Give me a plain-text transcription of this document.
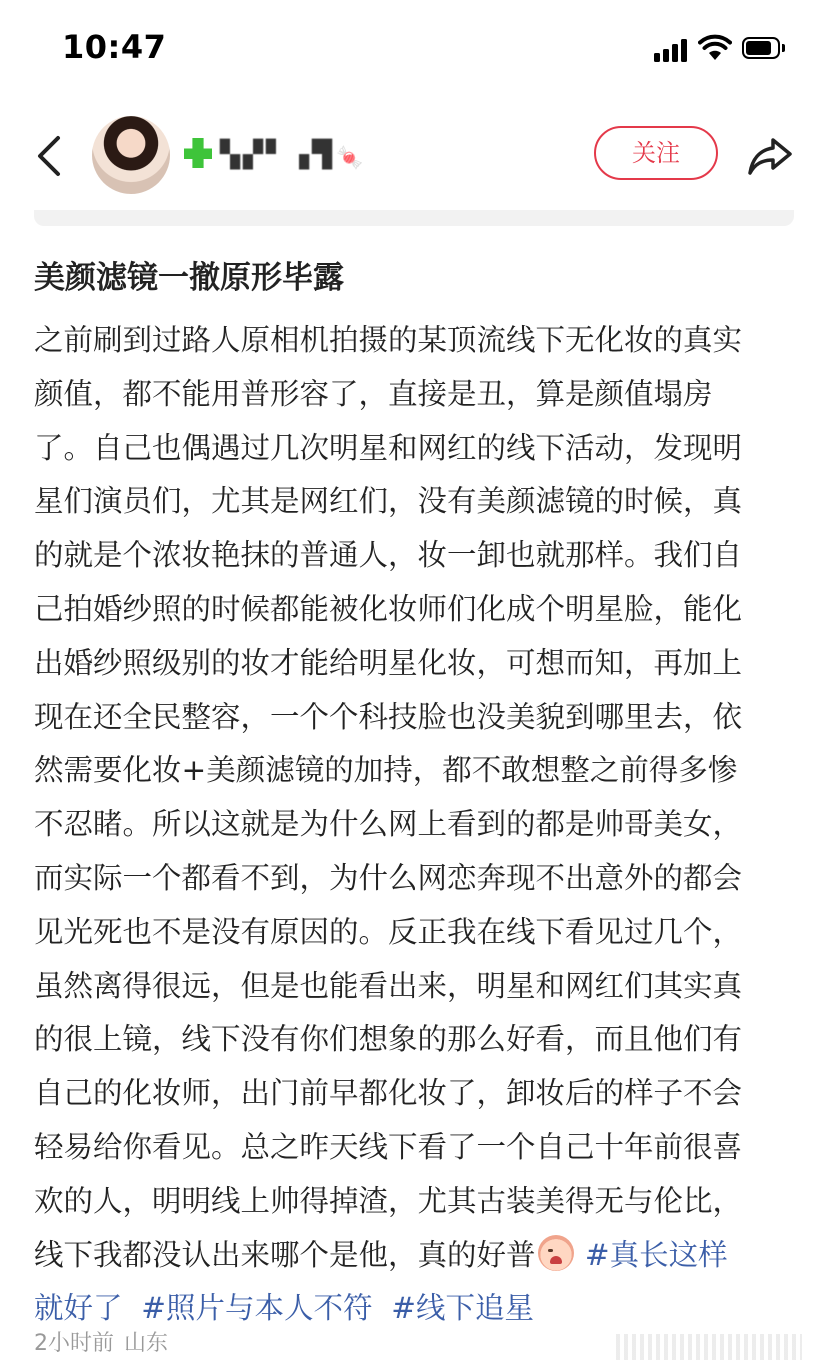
10:47
▚▞▘▗▜ 🍬	关注
美颜滤镜一撤原形毕露
之前刷到过路人原相机拍摄的某顶流线下无化妆的真实
颜值，都不能用普形容了，直接是丑，算是颜值塌房
了。自己也偶遇过几次明星和网红的线下活动，发现明
星们演员们，尤其是网红们，没有美颜滤镜的时候，真
的就是个浓妆艳抹的普通人，妆一卸也就那样。我们自
己拍婚纱照的时候都能被化妆师们化成个明星脸，能化
出婚纱照级别的妆才能给明星化妆，可想而知，再加上
现在还全民整容，一个个科技脸也没美貌到哪里去，依
然需要化妆+美颜滤镜的加持，都不敢想整之前得多惨
不忍睹。所以这就是为什么网上看到的都是帅哥美女，
而实际一个都看不到，为什么网恋奔现不出意外的都会
见光死也不是没有原因的。反正我在线下看见过几个，
虽然离得很远，但是也能看出来，明星和网红们其实真
的很上镜，线下没有你们想象的那么好看，而且他们有
自己的化妆师，出门前早都化妆了，卸妆后的样子不会
轻易给你看见。总之昨天线下看了一个自己十年前很喜
欢的人，明明线上帅得掉渣，尤其古装美得无与伦比，
线下我都没认出来哪个是他，真的好普 #真长这样
就好了 #照片与本人不符 #线下追星
2小时前 山东
